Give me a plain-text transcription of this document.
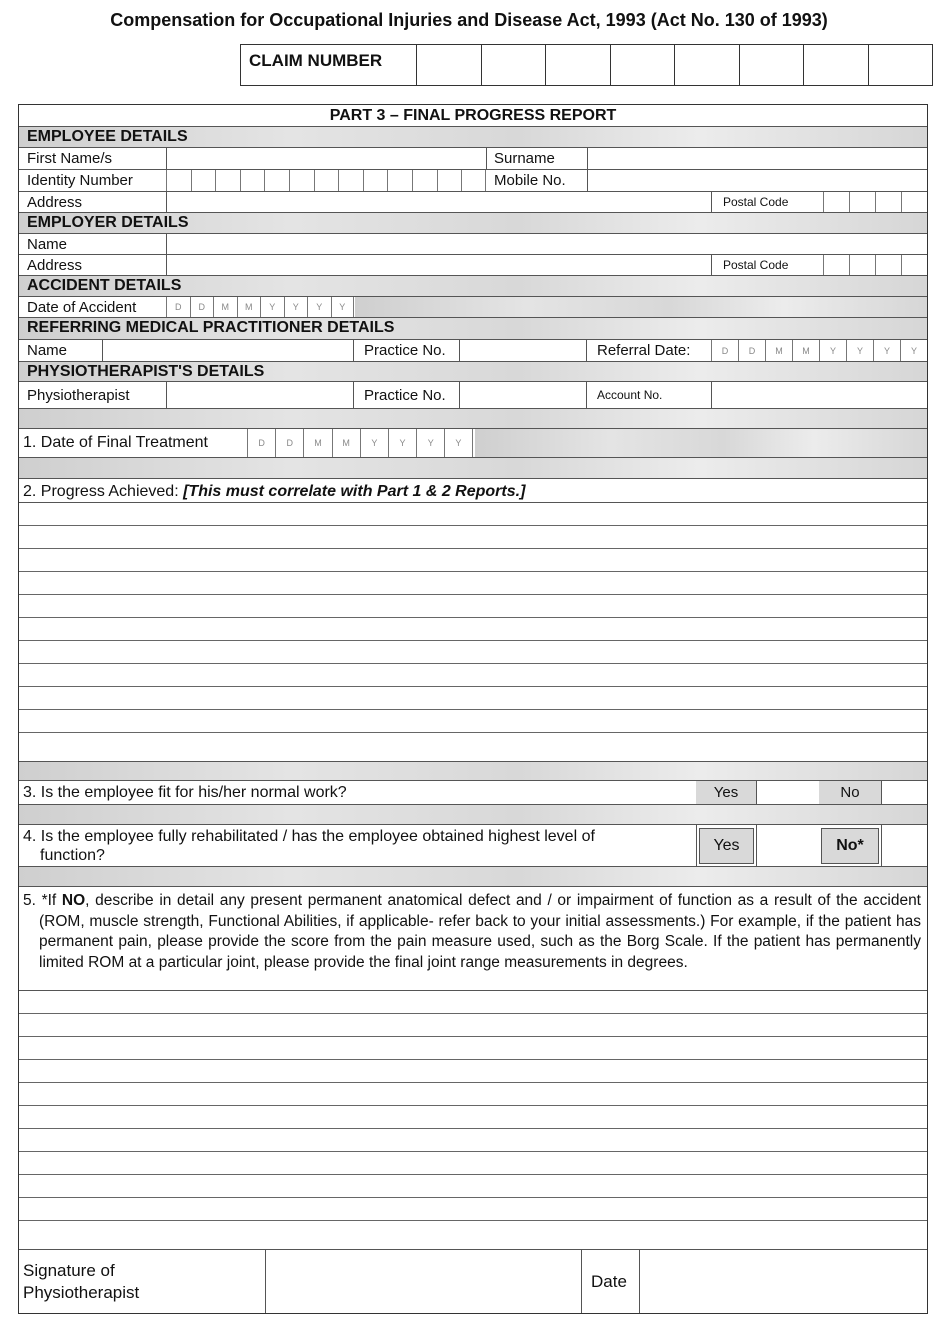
Compensation for Occupational Injuries and Disease Act, 1993 (Act No. 130 of 1993)
CLAIM NUMBER
PART 3 – FINAL PROGRESS REPORT
EMPLOYEE DETAILS
First Name/s	Surname
Identity Number	Mobile No.
Address	Postal Code
EMPLOYER DETAILS
Name
Address	Postal Code
ACCIDENT DETAILS
Date of Accident	D	D	M	M	Y	Y	Y	Y
REFERRING MEDICAL PRACTITIONER DETAILS
Name	Practice No.	Referral Date:	D	D	M	M	Y	Y	Y	Y
PHYSIOTHERAPIST'S DETAILS
Physiotherapist	Practice No.	Account No.
1. Date of Final Treatment	D	D	M	M	Y	Y	Y	Y
2. Progress Achieved: [This must correlate with Part 1 & 2 Reports.]
3. Is the employee fit for his/her normal work?	Yes	No
4. Is the employee fully rehabilitated / has the employee obtained highest level of
function?
Yes	No*
5. *If NO, describe in detail any present permanent anatomical defect and / or impairment of function as a result of the accident (ROM, muscle strength, Functional Abilities, if applicable- refer back to your initial assessments.) For example, if the patient has permanent pain, please provide the score from the pain measure used, such as the Borg Scale. If the patient has permanently limited ROM at a particular joint, please provide the final joint range measurements in degrees.
Signature of
Physiotherapist
Date
